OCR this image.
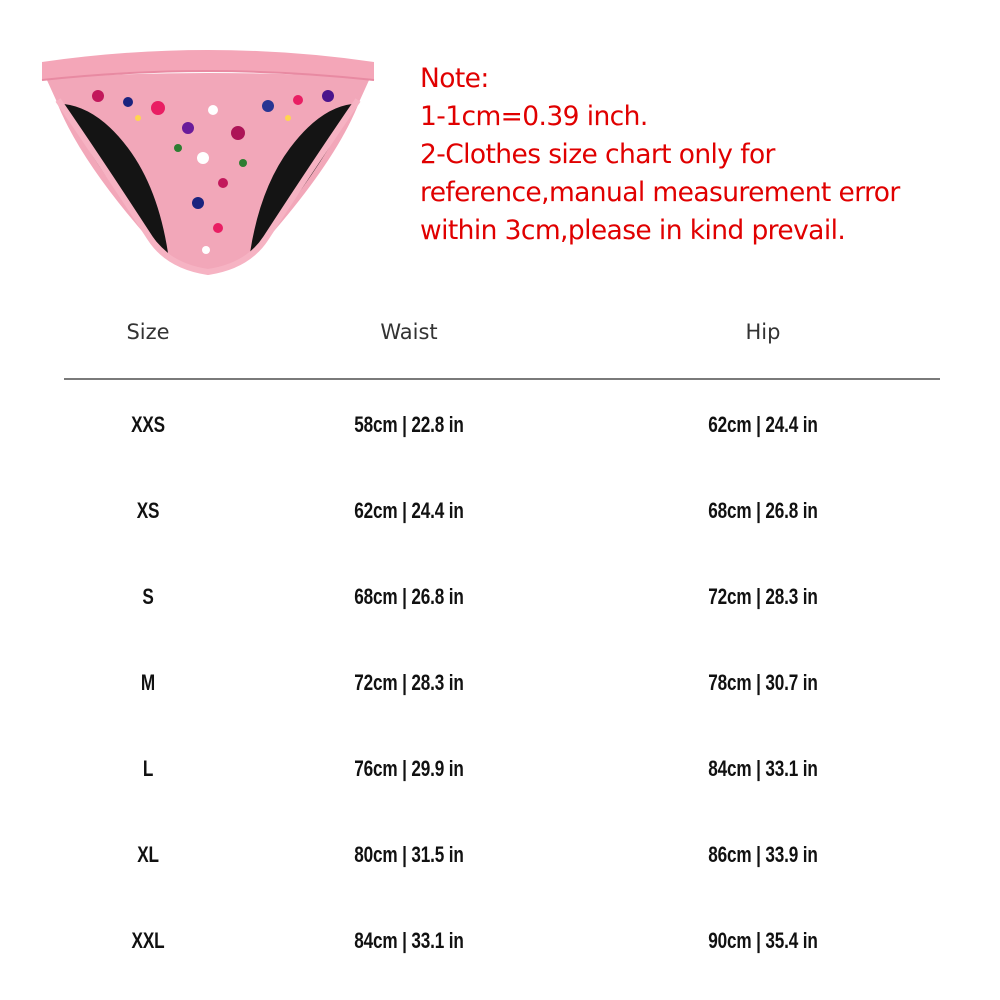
Note:
1-1cm=0.39 inch.
2-Clothes size chart only for
reference,manual measurement error
within 3cm,please in kind prevail.
Size	Waist	Hip
XXS	58cm | 22.8 in	62cm | 24.4 in
XS	62cm | 24.4 in	68cm | 26.8 in
S	68cm | 26.8 in	72cm | 28.3 in
M	72cm | 28.3 in	78cm | 30.7 in
L	76cm | 29.9 in	84cm | 33.1 in
XL	80cm | 31.5 in	86cm | 33.9 in
XXL	84cm | 33.1 in	90cm | 35.4 in
